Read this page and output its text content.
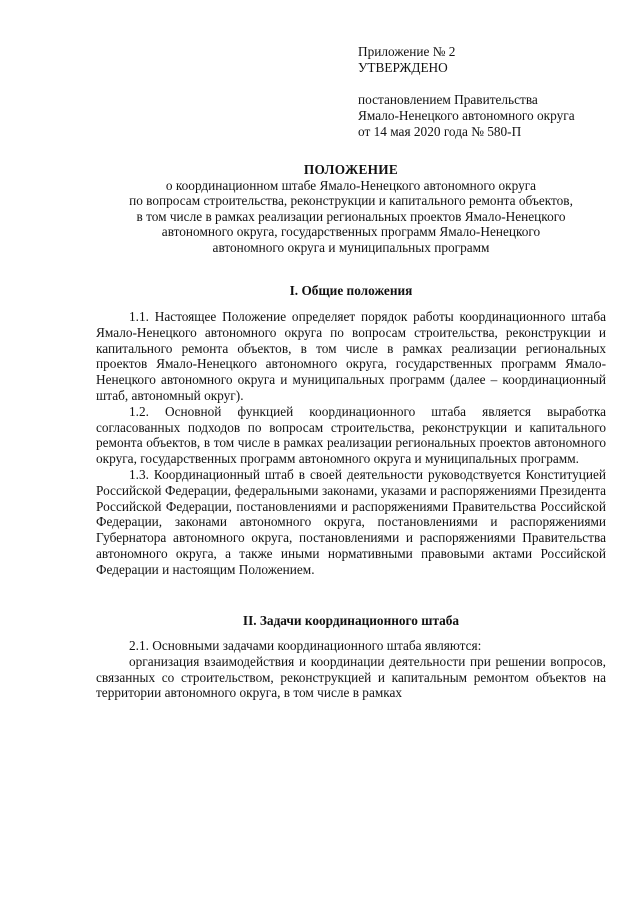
Приложение № 2
УТВЕРЖДЕНО
постановлением Правительства
Ямало-Ненецкого автономного округа
от 14 мая 2020 года № 580-П
ПОЛОЖЕНИЕ
о координационном штабе Ямало-Ненецкого автономного округа
по вопросам строительства, реконструкции и капитального ремонта объектов,
в том числе в рамках реализации региональных проектов Ямало-Ненецкого
автономного округа, государственных программ Ямало-Ненецкого
автономного округа и муниципальных программ
I. Общие положения

1.1. Настоящее Положение определяет порядок работы координационного штаба Ямало-Ненецкого автономного округа по вопросам строительства, реконструкции и капитального ремонта объектов, в том числе в рамках реализации региональных проектов Ямало-Ненецкого автономного округа, государственных программ Ямало-Ненецкого автономного округа и муниципальных программ (далее – координационный штаб, автономный округ).

1.2. Основной функцией координационного штаба является выработка согласованных подходов по вопросам строительства, реконструкции и капитального ремонта объектов, в том числе в рамках реализации региональных проектов автономного округа, государственных программ автономного округа и муниципальных программ.

1.3. Координационный штаб в своей деятельности руководствуется Конституцией Российской Федерации, федеральными законами, указами и распоряжениями Президента Российской Федерации, постановлениями и распоряжениями Правительства Российской Федерации, законами автономного округа, постановлениями и распоряжениями Губернатора автономного округа, постановлениями и распоряжениями Правительства автономного округа, а также иными нормативными правовыми актами Российской Федерации и настоящим Положением.

II. Задачи координационного штаба

2.1. Основными задачами координационного штаба являются:

организация взаимодействия и координации деятельности при решении вопросов, связанных со строительством, реконструкцией и капитальным ремонтом объектов на территории автономного округа, в том числе в рамках
